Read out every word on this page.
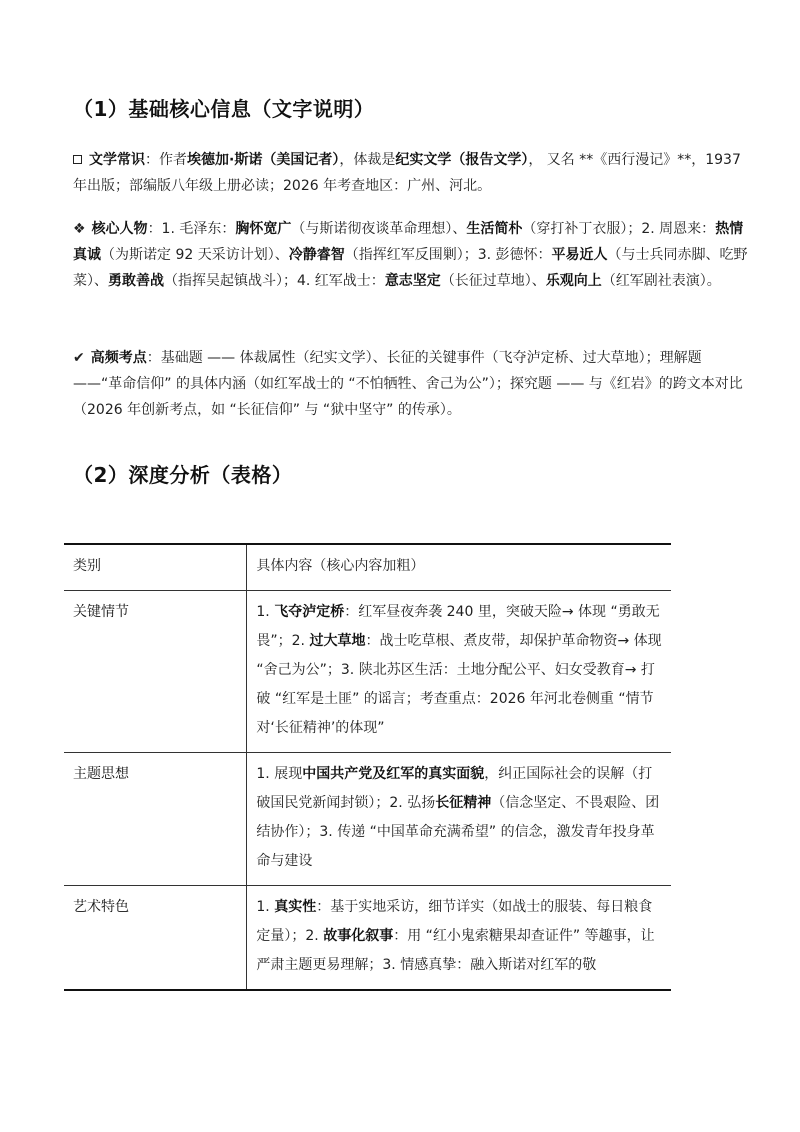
（1）基础核心信息（文字说明）

文学常识：作者埃德加·斯诺（美国记者），体裁是纪实文学（报告文学）， 又名 **《西行漫记》**，1937 年出版；部编版八年级上册必读；2026 年考查地区：广州、河北。

❖ 核心人物：1. 毛泽东：胸怀宽广（与斯诺彻夜谈革命理想）、生活简朴（穿打补丁衣服）；2. 周恩来：热情真诚（为斯诺定 92 天采访计划）、冷静睿智（指挥红军反围剿）；3. 彭德怀：平易近人（与士兵同赤脚、吃野菜）、勇敢善战（指挥吴起镇战斗）；4. 红军战士：意志坚定（长征过草地）、乐观向上（红军剧社表演）。

✔ 高频考点：基础题 —— 体裁属性（纪实文学）、长征的关键事件（飞夺泸定桥、过大草地）；理解题 ——“革命信仰” 的具体内涵（如红军战士的 “不怕牺牲、舍己为公”）；探究题 —— 与《红岩》的跨文本对比（2026 年创新考点，如 “长征信仰” 与 “狱中坚守” 的传承）。

（2）深度分析（表格）
类别	具体内容（核心内容加粗）
关键情节	1. 飞夺泸定桥：红军昼夜奔袭 240 里，突破天险→ 体现 “勇敢无畏”；2. 过大草地：战士吃草根、煮皮带，却保护革命物资→ 体现 “舍己为公”；3. 陕北苏区生活：土地分配公平、妇女受教育→ 打破 “红军是土匪” 的谣言；考查重点：2026 年河北卷侧重 “情节对‘长征精神’的体现”
主题思想	1. 展现中国共产党及红军的真实面貌，纠正国际社会的误解（打破国民党新闻封锁）；2. 弘扬长征精神（信念坚定、不畏艰险、团结协作）；3. 传递 “中国革命充满希望” 的信念，激发青年投身革命与建设
艺术特色	1. 真实性：基于实地采访，细节详实（如战士的服装、每日粮食定量）；2. 故事化叙事：用 “红小鬼索糖果却查证件” 等趣事，让严肃主题更易理解；3. 情感真挚：融入斯诺对红军的敬
